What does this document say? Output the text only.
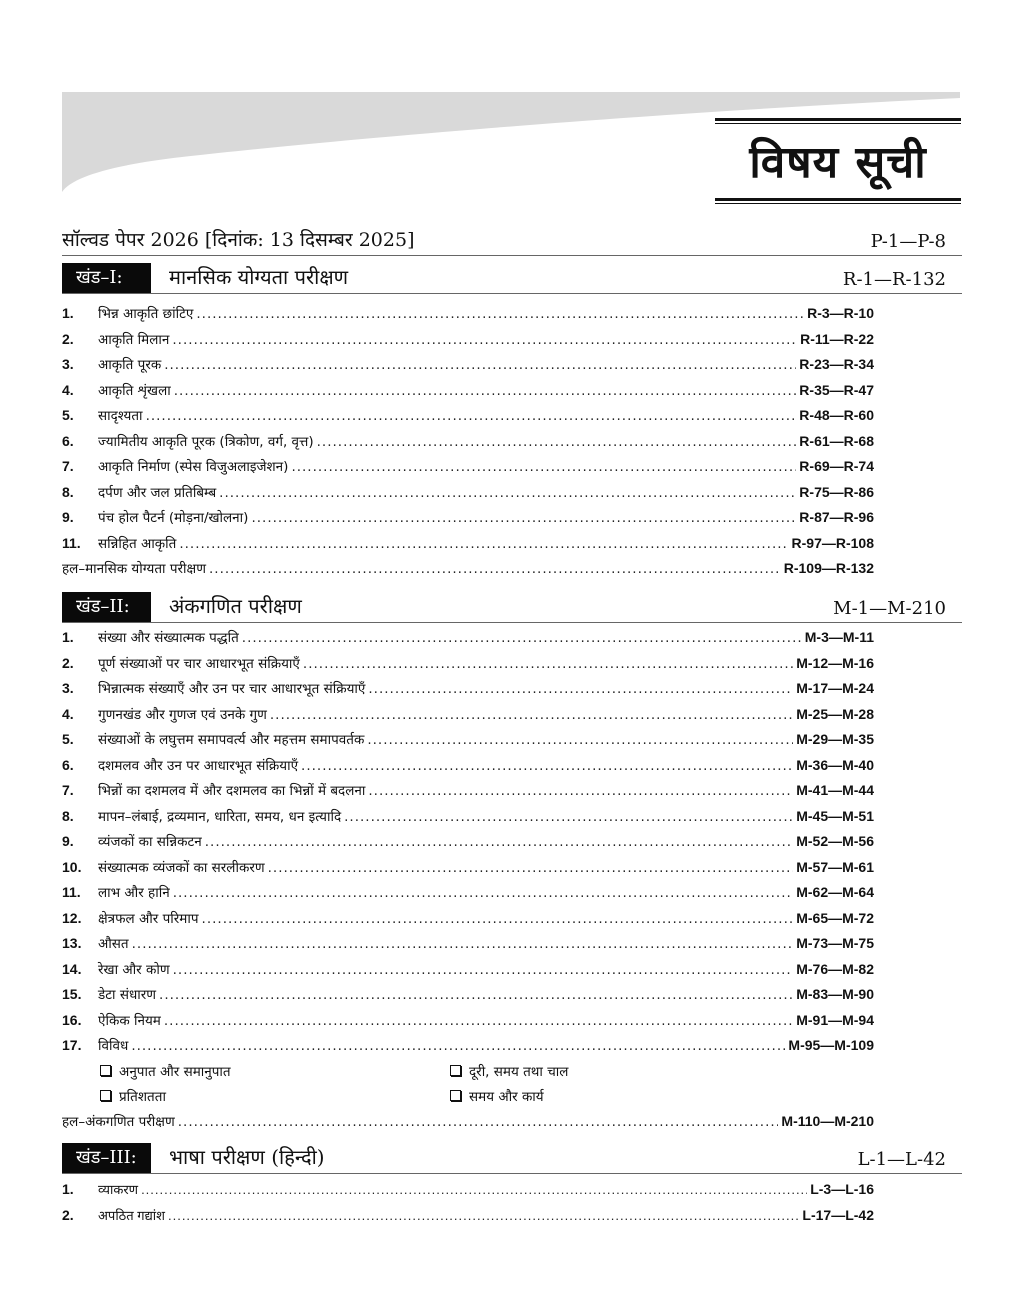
विषय सूची
सॉल्वड पेपर 2026 [दिनांक: 13 दिसम्बर 2025]	P-1—P-8
खंड–I:	मानसिक योग्यता परीक्षण	R-1—R-132
1.	भिन्न आकृति छांटिए .....	R-3—R-10
2.	आकृति मिलान .....	R-11—R-22
3.	आकृति पूरक .....	R-23—R-34
4.	आकृति शृंखला .....	R-35—R-47
5.	सादृश्यता .....	R-48—R-60
6.	ज्यामितीय आकृति पूरक (त्रिकोण, वर्ग, वृत्त) .....	R-61—R-68
7.	आकृति निर्माण (स्पेस विजुअलाइजेशन) .....	R-69—R-74
8.	दर्पण और जल प्रतिबिम्ब .....	R-75—R-86
9.	पंच होल पैटर्न (मोड़ना/खोलना) .....	R-87—R-96
11.	सन्निहित आकृति .....	R-97—R-108
हल–मानसिक योग्यता परीक्षण .....	R-109—R-132
खंड–II:	अंकगणित परीक्षण	M-1—M-210
1.	संख्या और संख्यात्मक पद्धति .....	M-3—M-11
2.	पूर्ण संख्याओं पर चार आधारभूत संक्रियाएँ .....	M-12—M-16
3.	भिन्नात्मक संख्याएँ और उन पर चार आधारभूत संक्रियाएँ .....	M-17—M-24
4.	गुणनखंड और गुणज एवं उनके गुण .....	M-25—M-28
5.	संख्याओं के लघुत्तम समापवर्त्य और महत्तम समापवर्तक .....	M-29—M-35
6.	दशमलव और उन पर आधारभूत संक्रियाएँ .....	M-36—M-40
7.	भिन्नों का दशमलव में और दशमलव का भिन्नों में बदलना .....	M-41—M-44
8.	मापन–लंबाई, द्रव्यमान, धारिता, समय, धन इत्यादि .....	M-45—M-51
9.	व्यंजकों का सन्निकटन .....	M-52—M-56
10.	संख्यात्मक व्यंजकों का सरलीकरण .....	M-57—M-61
11.	लाभ और हानि .....	M-62—M-64
12.	क्षेत्रफल और परिमाप .....	M-65—M-72
13.	औसत .....	M-73—M-75
14.	रेखा और कोण .....	M-76—M-82
15.	डेटा संधारण .....	M-83—M-90
16.	ऐकिक नियम .....	M-91—M-94
17.	विविध .....	M-95—M-109
अनुपात और समानुपात	दूरी, समय तथा चाल
प्रतिशतता	समय और कार्य
हल–अंकगणित परीक्षण .....	M-110—M-210
खंड–III:	भाषा परीक्षण (हिन्दी)	L-1—L-42
1.	व्याकरण .....	L-3—L-16
2.	अपठित गद्यांश .....	L-17—L-42
